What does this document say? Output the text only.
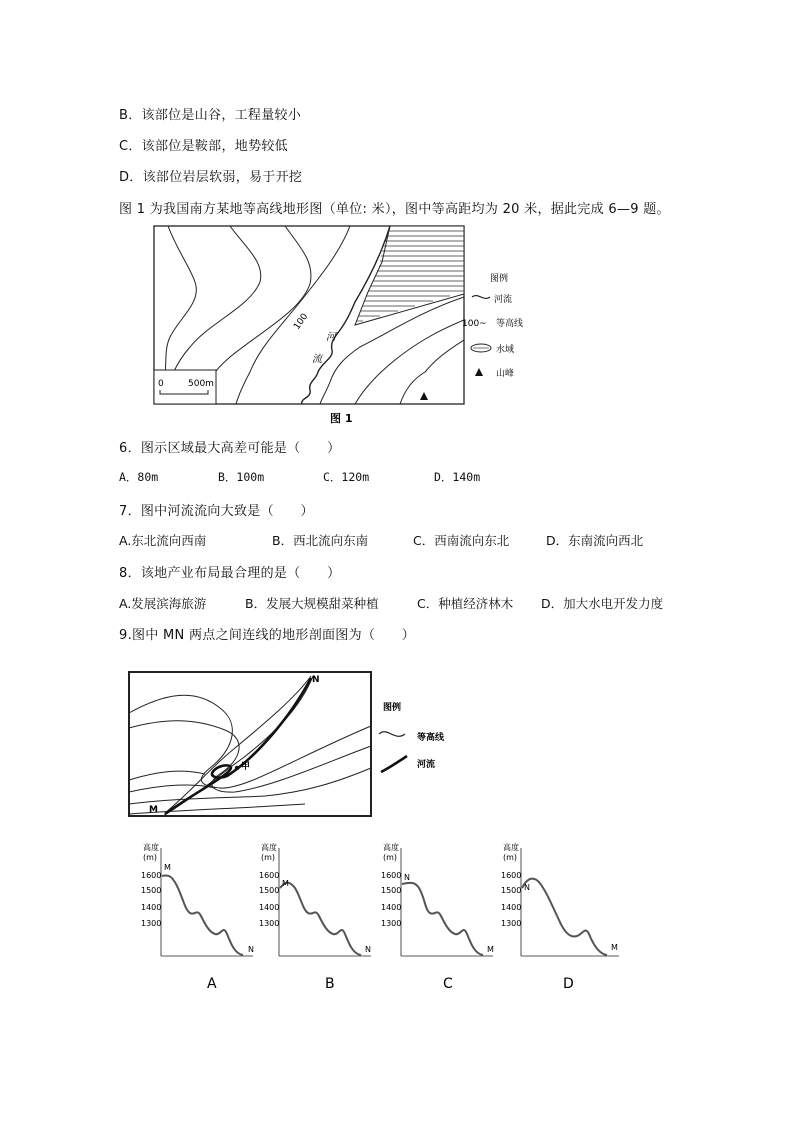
B．该部位是山谷，工程量较小
C．该部位是鞍部，地势较低
D．该部位岩层软弱，易于开挖
图 1 为我国南方某地等高线地形图（单位: 米），图中等高距均为 20 米，据此完成 6—9 题。
100
河
流
0	500m
图例
河流
100~ 等高线
水域
山峰
图 1
6．图示区域最大高差可能是（　　）
A．80m	B．100m	C．120m	D．140m
7．图中河流流向大致是（　　）
A.东北流向西南	B．西北流向东南	C．西南流向东北	D．东南流向西北
8．该地产业布局最合理的是（　　）
A.发展滨海旅游	B．发展大规模甜菜种植	C．种植经济林木 D．加大水电开发力度
9.图中 MN 两点之间连线的地形剖面图为（　　）
N
M
甲
图例
等高线
河流
高度
(m)
1600
1500
1400
1300
M
N
A
高度
(m)
1600
1500
1400
1300
M
N
B
高度
(m)
1600
1500
1400
1300
N
M
C
高度
(m)
1600
1500
1400
1300
N
M
D
